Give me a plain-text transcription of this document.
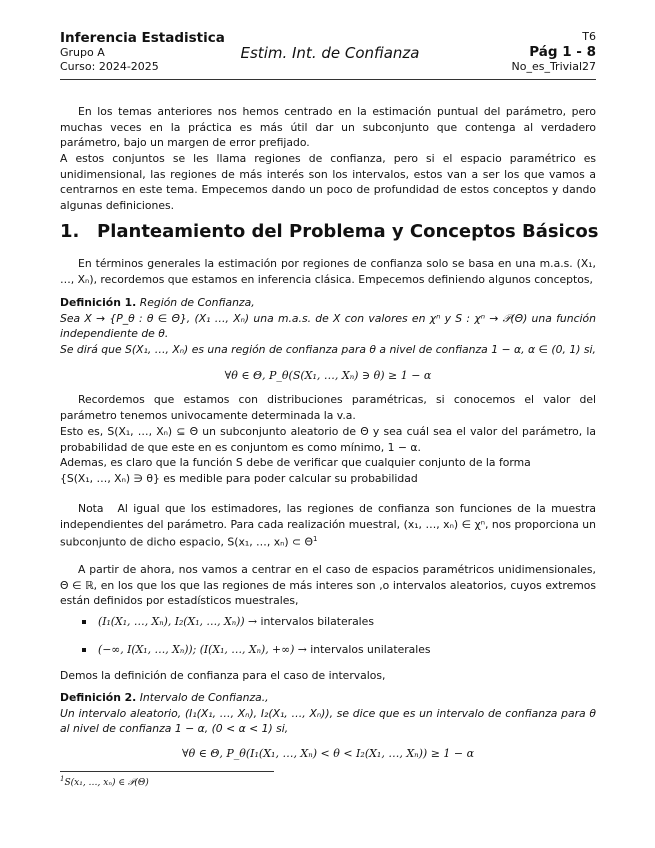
Inferencia Estadistica
Grupo A
Curso: 2024-2025
Estim. Int. de Confianza
T6
Pág 1 - 8
No_es_Trivial27
En los temas anteriores nos hemos centrado en la estimación puntual del parámetro, pero muchas veces en la práctica es más útil dar un subconjunto que contenga al verdadero parámetro, bajo un margen de error prefijado.
A estos conjuntos se les llama regiones de confianza, pero si el espacio paramétrico es unidimensional, las regiones de más interés son los intervalos, estos van a ser los que vamos a centrarnos en este tema. Empecemos dando un poco de profundidad de estos conceptos y dando algunas definiciones.
1. Planteamiento del Problema y Conceptos Básicos
En términos generales la estimación por regiones de confianza solo se basa en una m.a.s. (X₁, …, Xₙ), recordemos que estamos en inferencia clásica. Empecemos definiendo algunos conceptos,
Definición 1. Región de Confianza,
Sea X → {P_θ : θ ∈ Θ}, (X₁ …, Xₙ) una m.a.s. de X con valores en χⁿ y S : χⁿ → 𝒫(Θ) una función independiente de θ.
Se dirá que S(X₁, …, Xₙ) es una región de confianza para θ a nivel de confianza 1 − α, α ∈ (0, 1) si,
∀θ ∈ Θ, P_θ(S(X₁, …, Xₙ) ∋ θ) ≥ 1 − α
Recordemos que estamos con distribuciones paramétricas, si conocemos el valor del parámetro tenemos univocamente determinada la v.a.
Esto es, S(X₁, …, Xₙ) ⊆ Θ un subconjunto aleatorio de Θ y sea cuál sea el valor del parámetro, la probabilidad de que este en es conjuntom es como mínimo, 1 − α.
Ademas, es claro que la función S debe de verificar que cualquier conjunto de la forma
{S(X₁, …, Xₙ) ∋ θ} es medible para poder calcular su probabilidad
Nota Al igual que los estimadores, las regiones de confianza son funciones de la muestra independientes del parámetro. Para cada realización muestral, (x₁, …, xₙ) ∈ χⁿ, nos proporciona un subconjunto de dicho espacio, S(x₁, …, xₙ) ⊂ $\Theta^1$
A partir de ahora, nos vamos a centrar en el caso de espacios paramétricos unidimensionales, Θ ∈ ℝ, en los que los que las regiones de más interes son ,o intervalos aleatorios, cuyos extremos están definidos por estadísticos muestrales,
(I₁(X₁, …, Xₙ), I₂(X₁, …, Xₙ)) → intervalos bilaterales
(−∞, I(X₁, …, Xₙ)); (I(X₁, …, Xₙ), +∞) → intervalos unilaterales
Demos la definición de confianza para el caso de intervalos,
Definición 2. Intervalo de Confianza.,
Un intervalo aleatorio, (I₁(X₁, …, Xₙ), I₂(X₁, …, Xₙ)), se dice que es un intervalo de confianza para θ al nivel de confianza 1 − α, (0 < α < 1) si,
∀θ ∈ Θ, P_θ(I₁(X₁, …, Xₙ) < θ < I₂(X₁, …, Xₙ)) ≥ 1 − α
$^1$S(x₁, …, xₙ) ∈ 𝒫(Θ)
